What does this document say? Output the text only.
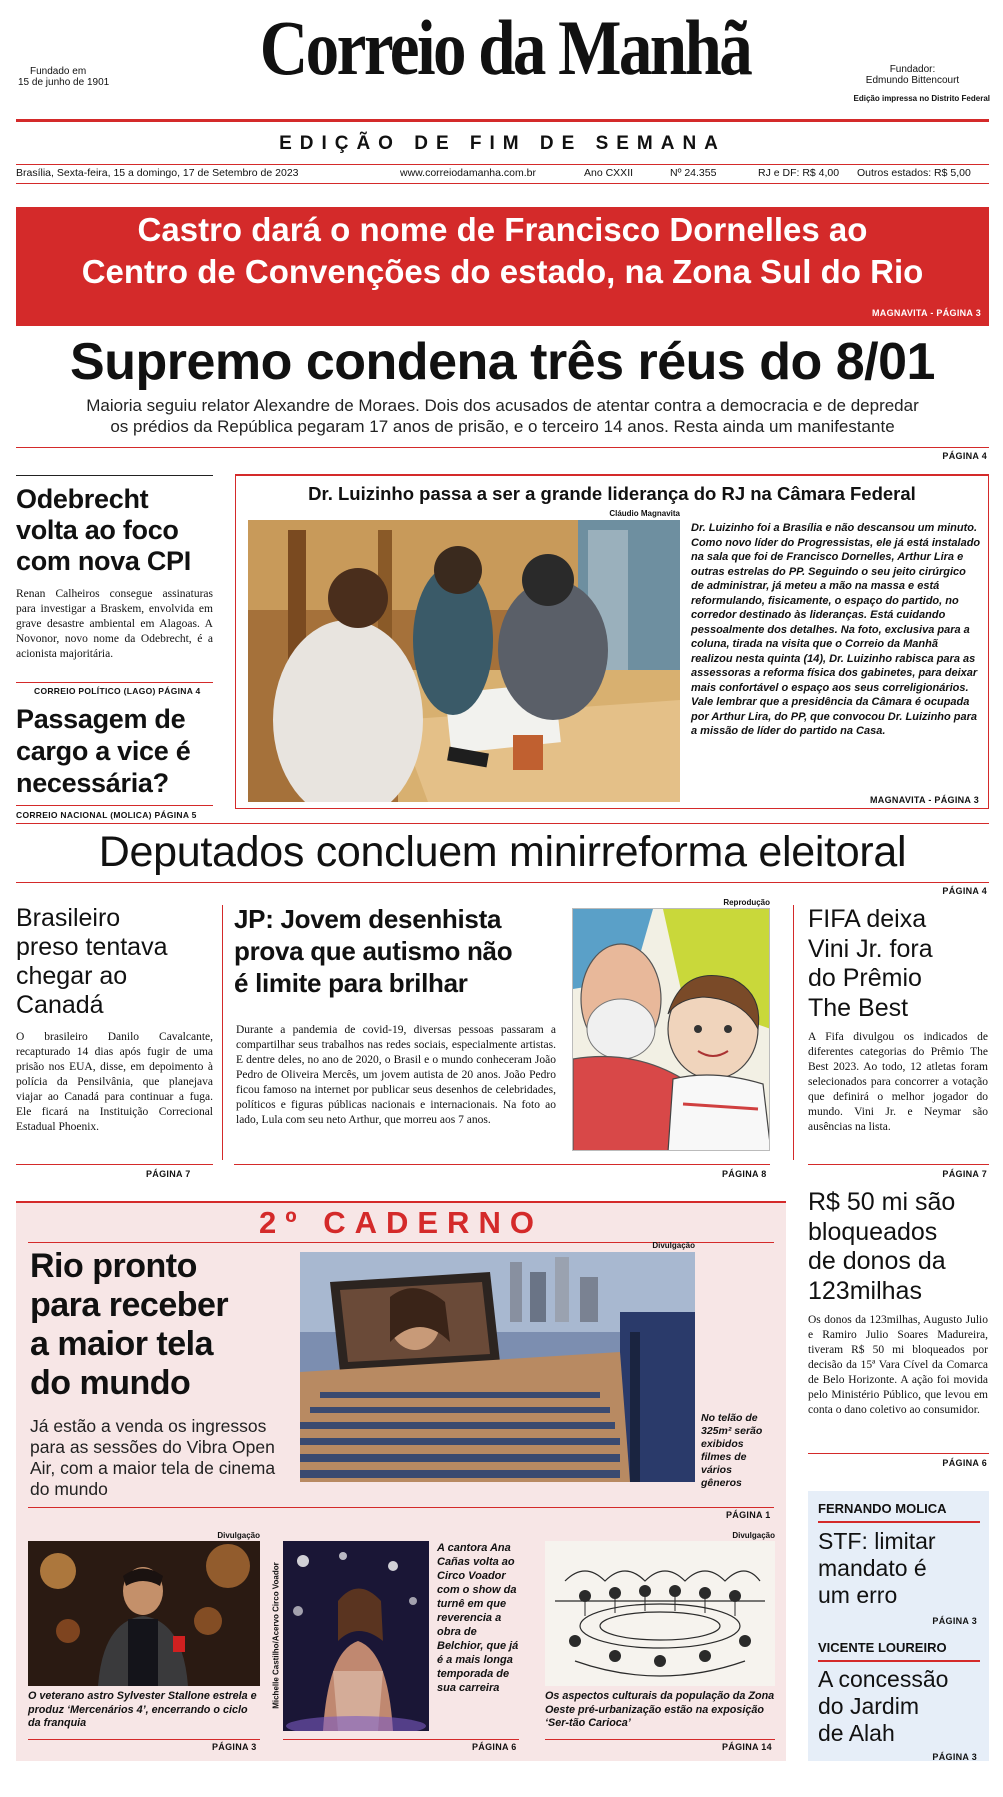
Fundado em
15 de junho de 1901	Correio da Manhã	Fundador:
Edmundo Bittencourt
Edição impressa no Distrito Federal
EDIÇÃO DE FIM DE SEMANA
Brasília, Sexta-feira, 15 a domingo, 17 de Setembro de 2023	www.correiodamanha.com.br	Ano CXXII	Nº 24.355	RJ e DF: R$ 4,00 Outros estados: R$ 5,00
Castro dará o nome de Francisco Dornelles ao
Centro de Convenções do estado, na Zona Sul do Rio
MAGNAVITA - PÁGINA 3
Supremo condena três réus do 8/01
Maioria seguiu relator Alexandre de Moraes. Dois dos acusados de atentar contra a democracia e de depredar
os prédios da República pegaram 17 anos de prisão, e o terceiro 14 anos. Resta ainda um manifestante
PÁGINA 4
Odebrecht
volta ao foco
com nova CPI
Renan Calheiros consegue assinaturas para investigar a Braskem, envolvida em grave desastre ambiental em Alagoas. A Novonor, novo nome da Odebrecht, é a acionista majoritária.
CORREIO POLÍTICO (LAGO) PÁGINA 4
Passagem de
cargo a vice é
necessária?
CORREIO NACIONAL (MOLICA) PÁGINA 5
Dr. Luizinho passa a ser a grande liderança do RJ na Câmara Federal
Cláudio Magnavita
Dr. Luizinho foi a Brasília e não descansou um minuto. Como novo líder do Progressistas, ele já está instalado na sala que foi de Francisco Dornelles, Arthur Lira e outras estrelas do PP. Seguindo o seu jeito cirúrgico de administrar, já meteu a mão na massa e está reformulando, fisicamente, o espaço do partido, no corredor destinado às lideranças. Está cuidando pessoalmente dos detalhes. Na foto, exclusiva para a coluna, tirada na visita que o Correio da Manhã realizou nesta quinta (14), Dr. Luizinho rabisca para as assessoras a reforma física dos gabinetes, para deixar mais confortável o espaço aos seus correligionários. Vale lembrar que a presidência da Câmara é ocupada por Arthur Lira, do PP, que convocou Dr. Luizinho para a missão de líder do partido na Casa.
MAGNAVITA - PÁGINA 3
Deputados concluem minirreforma eleitoral
PÁGINA 4
Brasileiro
preso tentava
chegar ao
Canadá
O brasileiro Danilo Cavalcante, recapturado 14 dias após fugir de uma prisão nos EUA, disse, em depoimento à polícia da Pensilvânia, que planejava viajar ao Canadá para continuar a fuga. Ele ficará na Instituição Correcional Estadual Phoenix.
PÁGINA 7
JP: Jovem desenhista
prova que autismo não
é limite para brilhar
Durante a pandemia de covid-19, diversas pessoas passaram a compartilhar seus trabalhos nas redes sociais, especialmente artistas. E dentre deles, no ano de 2020, o Brasil e o mundo conheceram João Pedro de Oliveira Mercês, um jovem autista de 20 anos. João Pedro ficou famoso na internet por publicar seus desenhos de celebridades, políticos e figuras públicas nacionais e internacionais. Na foto ao lado, Lula com seu neto Arthur, que morreu aos 7 anos.
Reprodução
PÁGINA 8
FIFA deixa
Vini Jr. fora
do Prêmio
The Best
A Fifa divulgou os indicados de diferentes categorias do Prêmio The Best 2023. Ao todo, 12 atletas foram selecionados para concorrer a votação que definirá o melhor jogador do mundo. Vini Jr. e Neymar são ausências na lista.
PÁGINA 7
2º CADERNO
Rio pronto
para receber
a maior tela
do mundo
Já estão a venda os ingressos para as sessões do Vibra Open Air, com a maior tela de cinema do mundo
Divulgação
No telão de 325m² serão exibidos filmes de vários gêneros
PÁGINA 1
Divulgação
O veterano astro Sylvester Stallone estrela e produz ‘Mercenários 4’, encerrando o ciclo da franquia
PÁGINA 3
Michelle Castilho/Acervo Circo Voador
A cantora Ana Cañas volta ao Circo Voador com o show da turnê em que reverencia a obra de Belchior, que já é a mais longa temporada de sua carreira
PÁGINA 6
Divulgação
Os aspectos culturais da população da Zona Oeste pré-urbanização estão na exposição ‘Ser-tão Carioca’
PÁGINA 14
R$ 50 mi são
bloqueados
de donos da
123milhas
Os donos da 123milhas, Augusto Julio e Ramiro Julio Soares Madureira, tiveram R$ 50 mi bloqueados por decisão da 15ª Vara Cível da Comarca de Belo Horizonte. A ação foi movida pelo Ministério Público, que levou em conta o dano coletivo ao consumidor.
PÁGINA 6
FERNANDO MOLICA
STF: limitar
mandato é
um erro
PÁGINA 3
VICENTE LOUREIRO
A concessão
do Jardim
de Alah
PÁGINA 3
